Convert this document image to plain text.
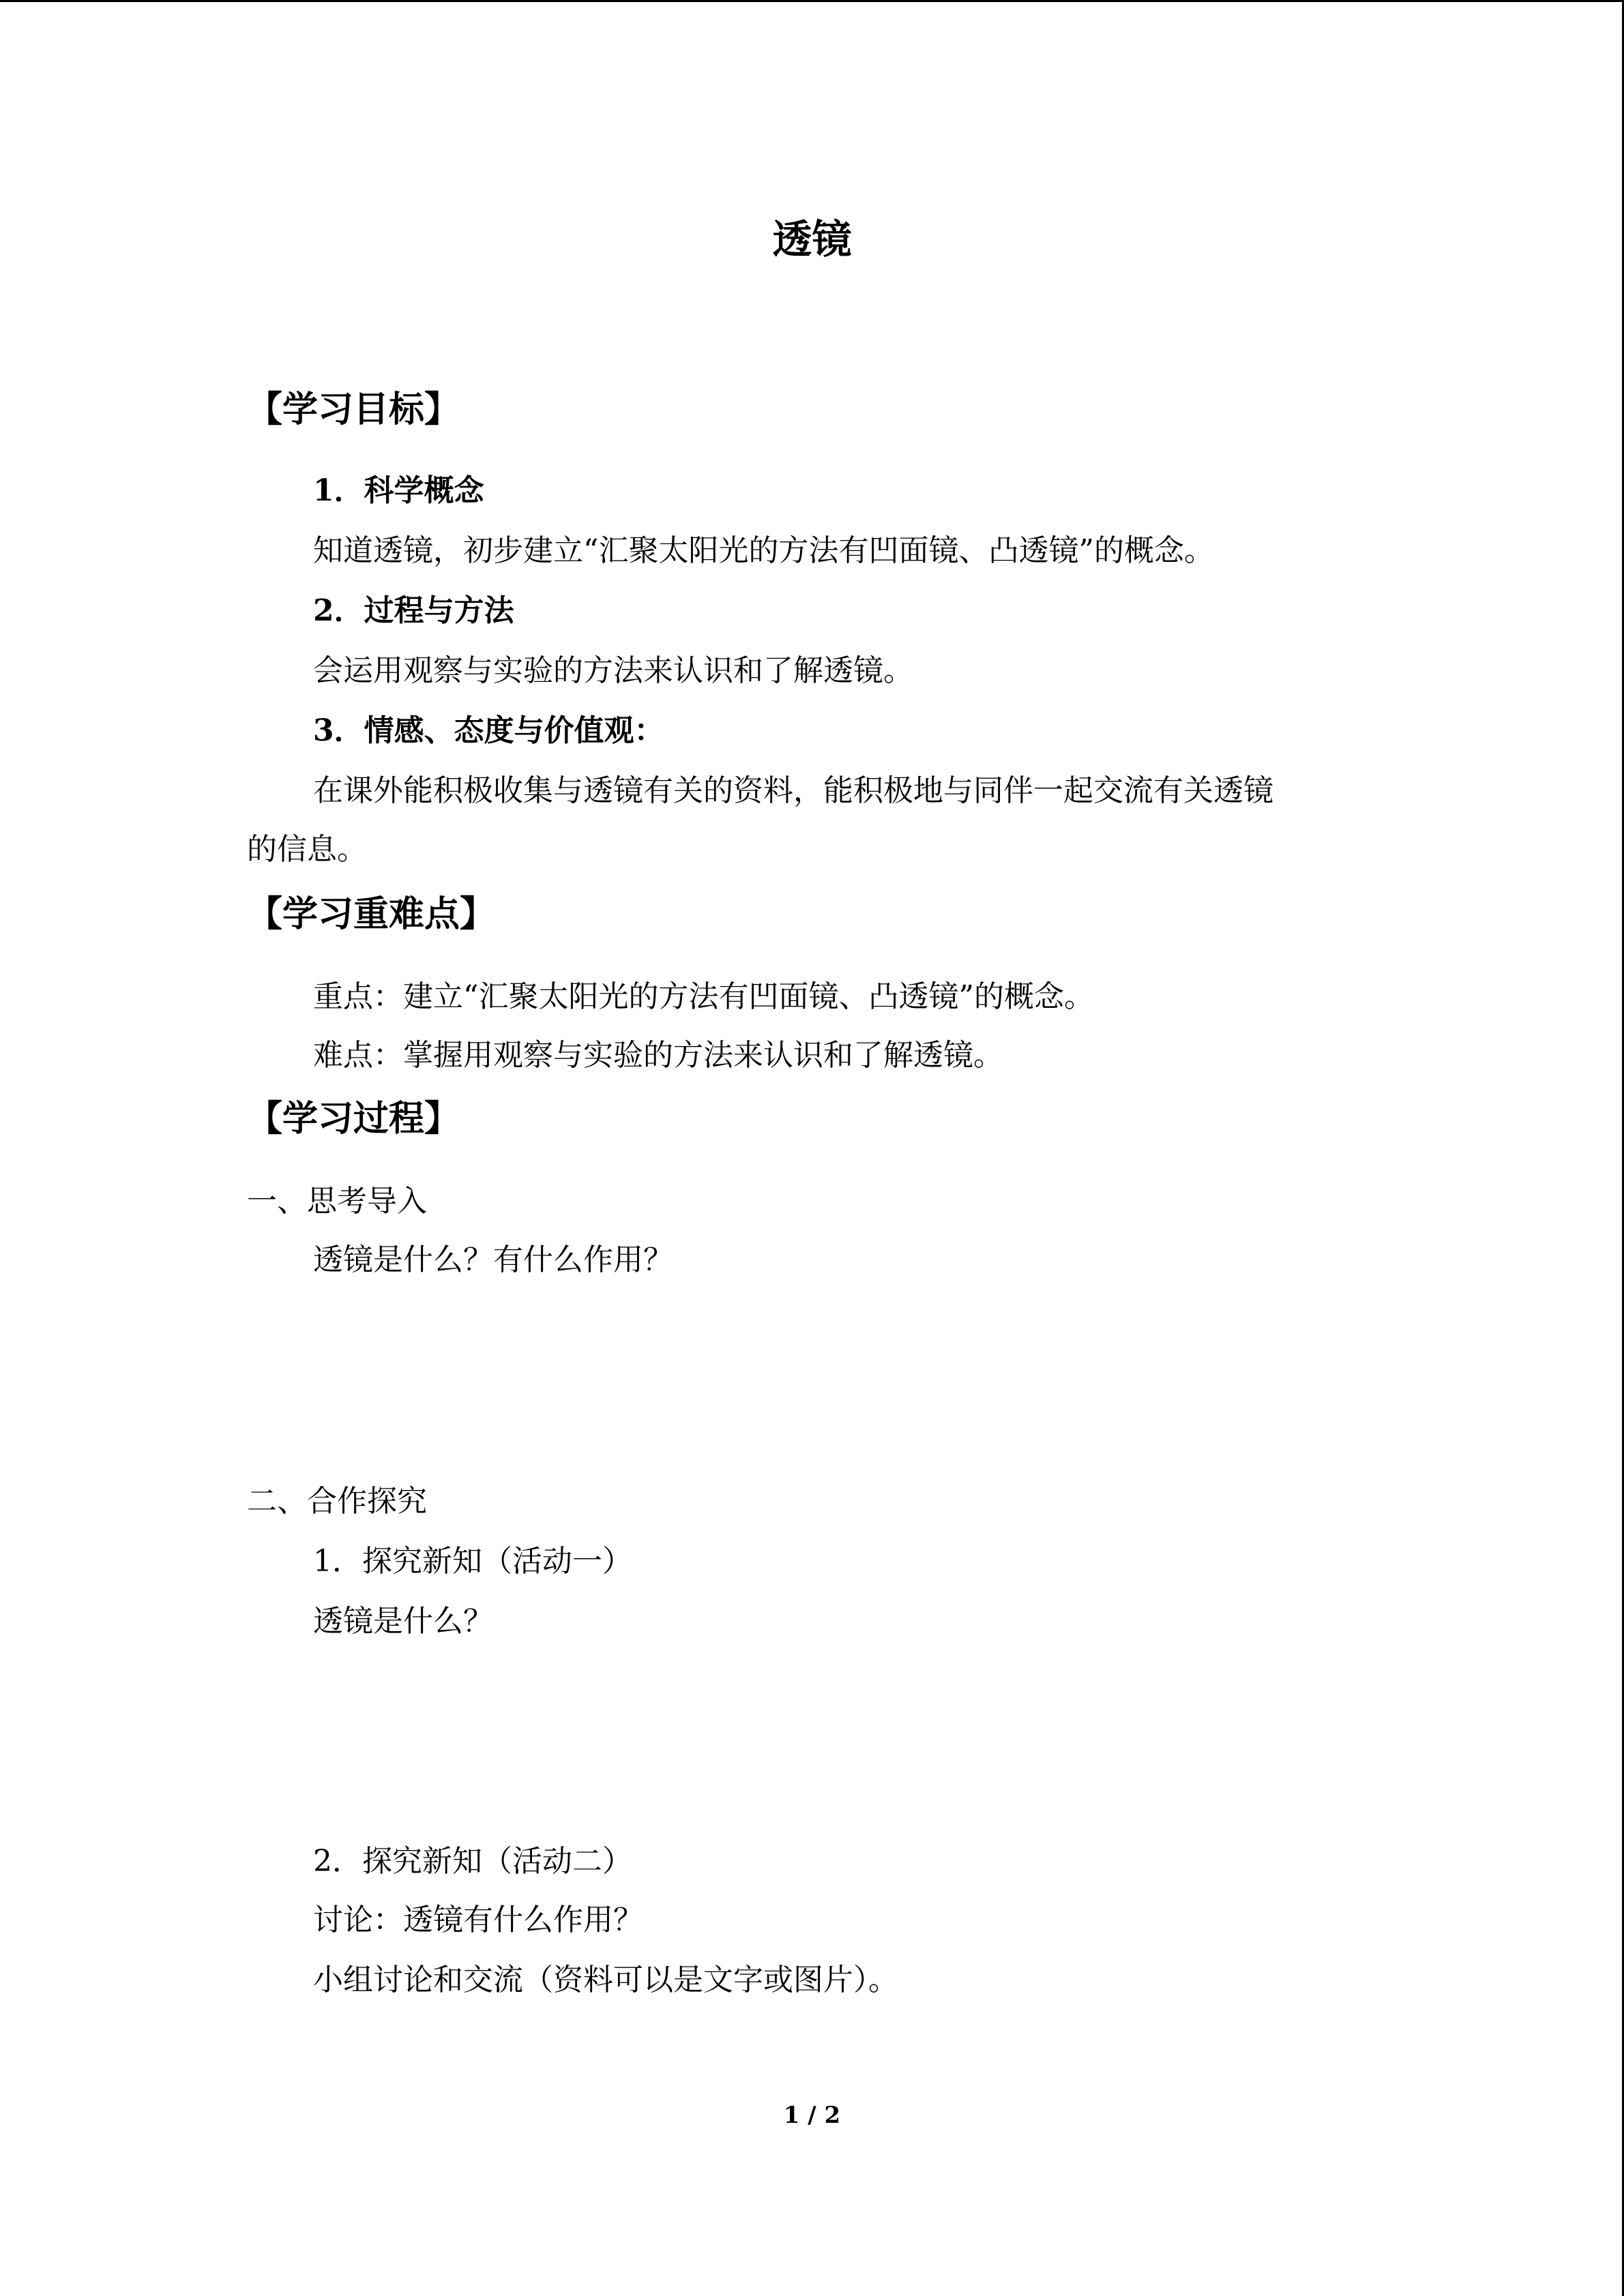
透镜
【学习目标】
1．科学概念
知道透镜，初步建立“汇聚太阳光的方法有凹面镜、凸透镜”的概念。
2．过程与方法
会运用观察与实验的方法来认识和了解透镜。
3．情感、态度与价值观：
在课外能积极收集与透镜有关的资料，能积极地与同伴一起交流有关透镜
的信息。
【学习重难点】
重点：建立“汇聚太阳光的方法有凹面镜、凸透镜”的概念。
难点：掌握用观察与实验的方法来认识和了解透镜。
【学习过程】
一、思考导入
透镜是什么？有什么作用？
二、合作探究
1．探究新知（活动一）
透镜是什么？
2．探究新知（活动二）
讨论：透镜有什么作用？
小组讨论和交流（资料可以是文字或图片）。
1 / 2
